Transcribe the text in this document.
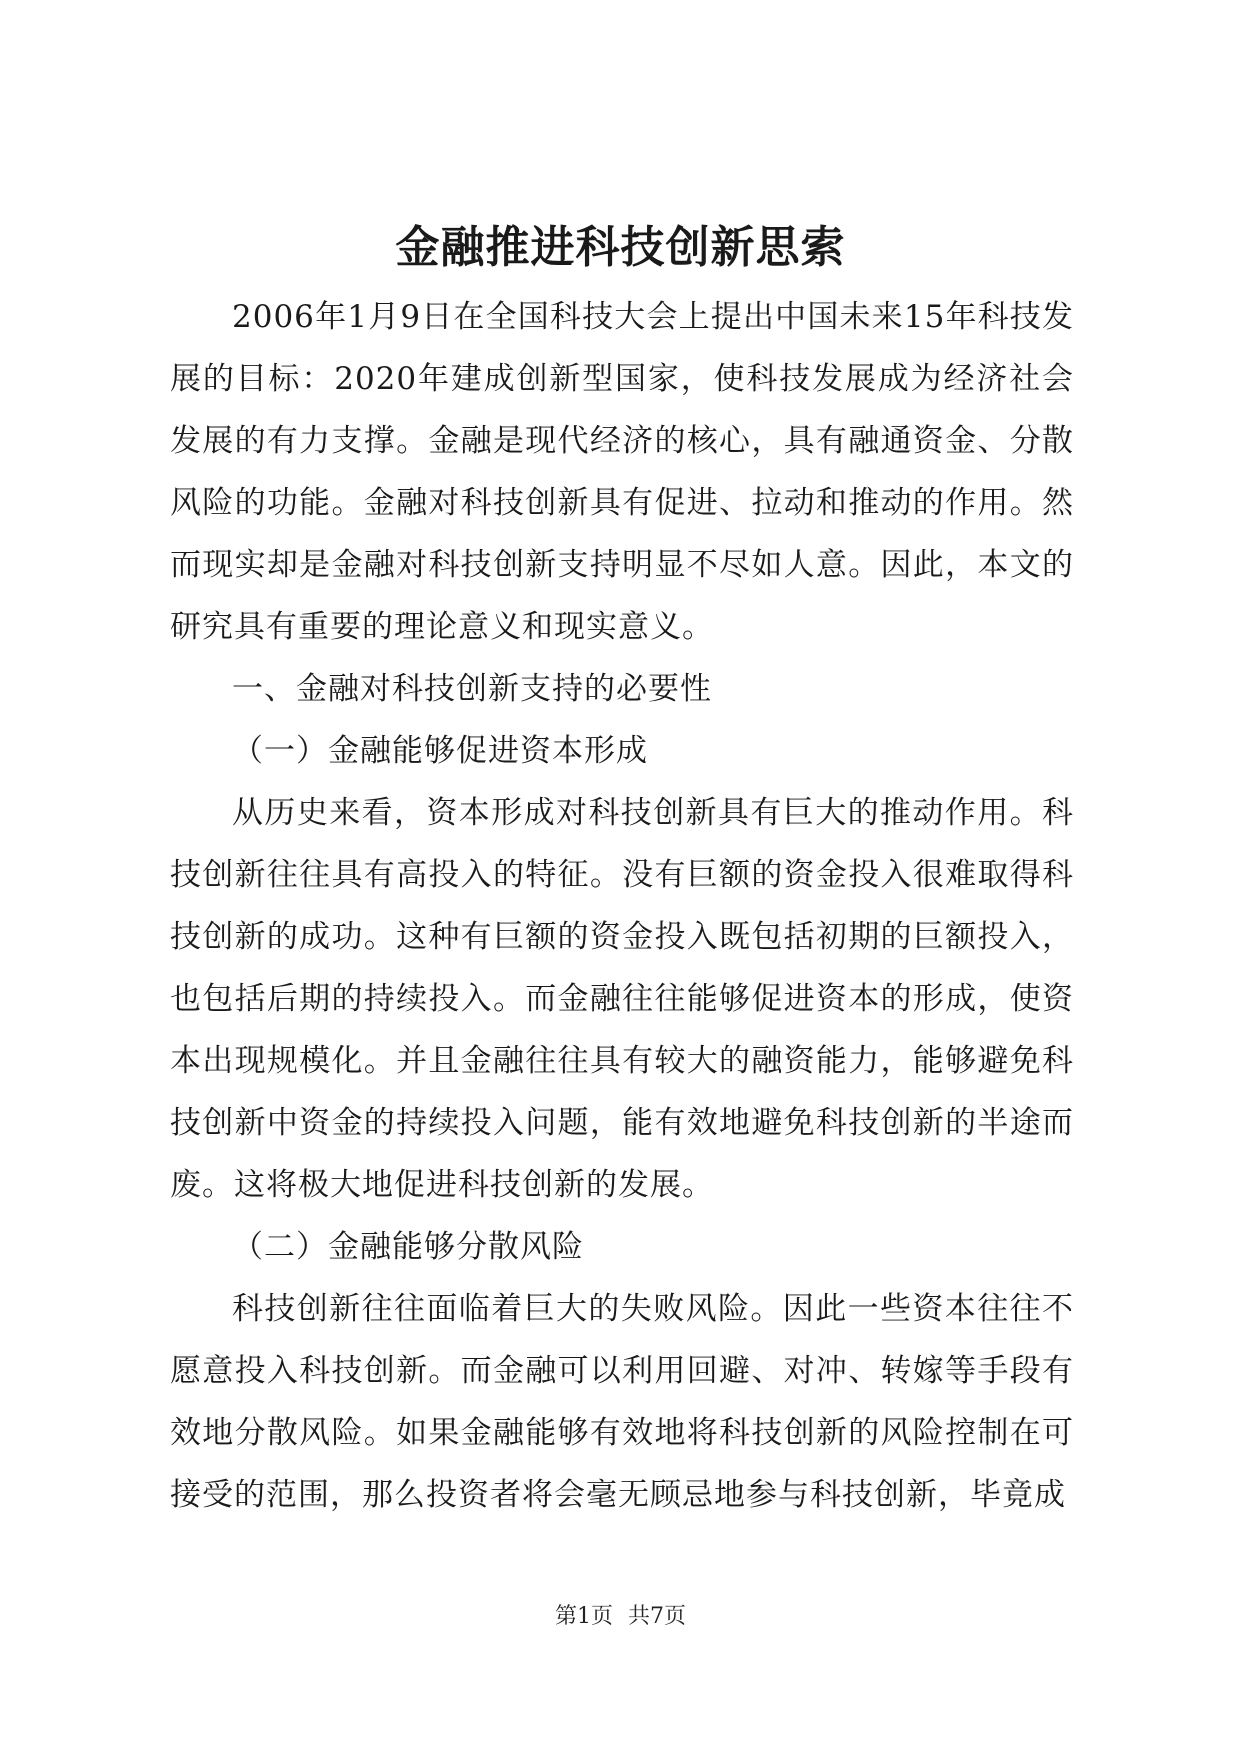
金融推进科技创新思索

2006年1月9日在全国科技大会上提出中国未来15年科技发展的目标：2020年建成创新型国家，使科技发展成为经济社会发展的有力支撑。金融是现代经济的核心，具有融通资金、分散风险的功能。金融对科技创新具有促进、拉动和推动的作用。然而现实却是金融对科技创新支持明显不尽如人意。因此，本文的研究具有重要的理论意义和现实意义。

一、金融对科技创新支持的必要性

（一）金融能够促进资本形成

从历史来看，资本形成对科技创新具有巨大的推动作用。科技创新往往具有高投入的特征。没有巨额的资金投入很难取得科技创新的成功。这种有巨额的资金投入既包括初期的巨额投入，也包括后期的持续投入。而金融往往能够促进资本的形成，使资本出现规模化。并且金融往往具有较大的融资能力，能够避免科技创新中资金的持续投入问题，能有效地避免科技创新的半途而废。这将极大地促进科技创新的发展。

（二）金融能够分散风险

科技创新往往面临着巨大的失败风险。因此一些资本往往不愿意投入科技创新。而金融可以利用回避、对冲、转嫁等手段有效地分散风险。如果金融能够有效地将科技创新的风险控制在可接受的范围，那么投资者将会毫无顾忌地参与科技创新，毕竟成

第1页 共7页
